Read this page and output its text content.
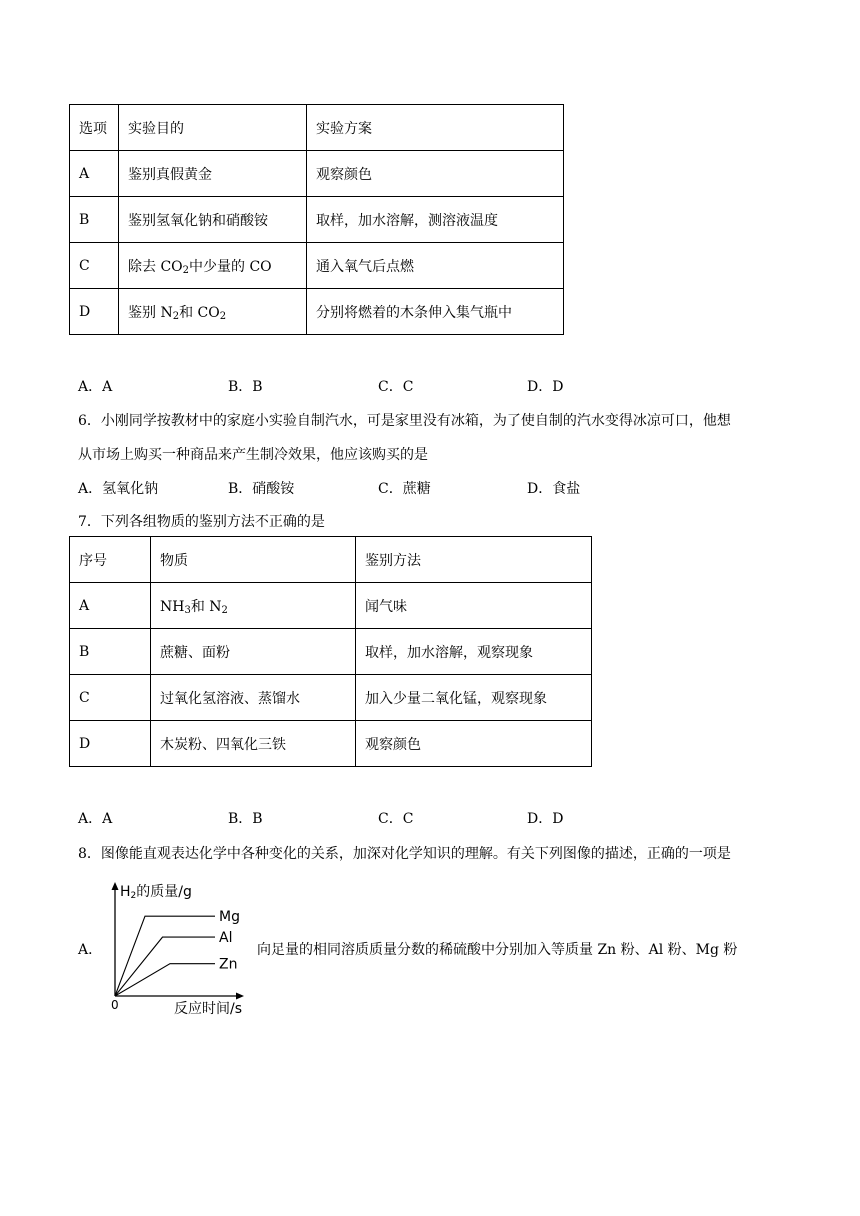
选项	实验目的	实验方案
A	鉴别真假黄金	观察颜色
B	鉴别氢氧化钠和硝酸铵	取样，加水溶解，测溶液温度
C	除去 $CO_2$中少量的 CO	通入氧气后点燃
D	鉴别 $N_2$和 $CO_2$	分别将燃着的木条伸入集气瓶中
A．A	B．B	C．C	D．D
6．小刚同学按教材中的家庭小实验自制汽水，可是家里没有冰箱，为了使自制的汽水变得冰凉可口，他想
从市场上购买一种商品来产生制冷效果，他应该购买的是
A．氢氧化钠	B．硝酸铵	C．蔗糖	D．食盐
7．下列各组物质的鉴别方法不正确的是
序号	物质	鉴别方法
A	$NH_3$和 $N_2$	闻气味
B	蔗糖、面粉	取样，加水溶解，观察现象
C	过氧化氢溶液、蒸馏水	加入少量二氧化锰，观察现象
D	木炭粉、四氧化三铁	观察颜色
A．A	B．B	C．C	D．D
8．图像能直观表达化学中各种变化的关系，加深对化学知识的理解。有关下列图像的描述，正确的一项是
A．
H2的质量/g
反应时间/s
0
Mg
Al
Zn
向足量的相同溶质质量分数的稀硫酸中分别加入等质量 Zn 粉、Al 粉、Mg 粉
